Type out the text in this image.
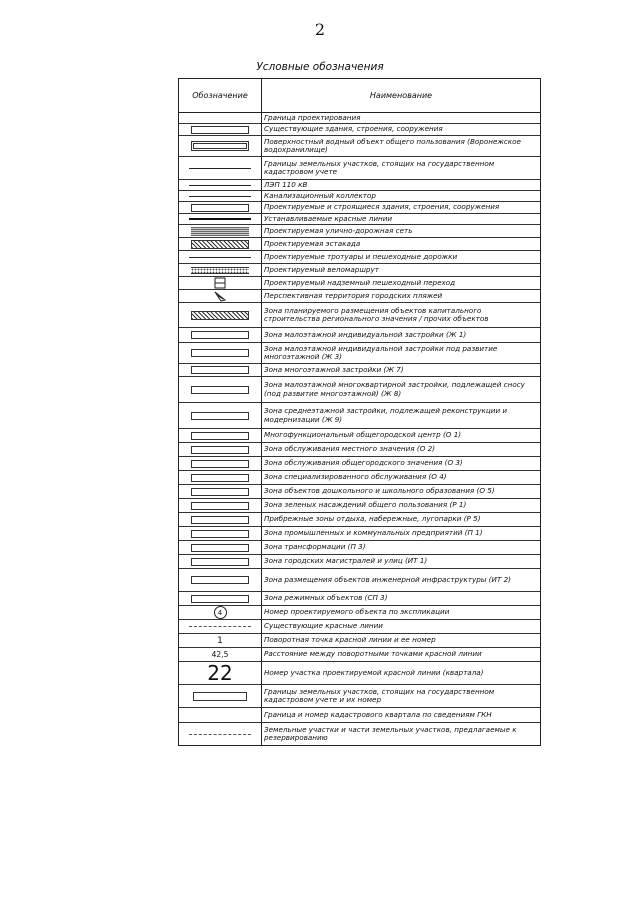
2
Условные обозначения
Обозначение	Наименование
Граница проектирования
Существующие здания, строения, сооружения
Поверхностный водный объект общего пользования (Воронежское водохранилище)
Границы земельных участков, стоящих на государственном кадастровом учете
ЛЭП 110 кВ
Канализационный коллектор
Проектируемые и строящиеся здания, строения, сооружения
Устанавливаемые красные линии
Проектируемая улично-дорожная сеть
Проектируемая эстакада
Проектируемые тротуары и пешеходные дорожки
Проектируемый веломаршрут
Проектируемый надземный пешеходный переход
Перспективная территория городских пляжей
Зона планируемого размещения объектов капитального строительства регионального значения / прочих объектов
Зона малоэтажной индивидуальной застройки (Ж 1)
Зона малоэтажной индивидуальной застройки под развитие многоэтажной (Ж 3)
Зона многоэтажной застройки (Ж 7)
Зона малоэтажной многоквартирной застройки, подлежащей сносу (под развитие многоэтажной) (Ж 8)
Зона среднеэтажной застройки, подлежащей реконструкции и модернизации (Ж 9)
Многофункциональный общегородской центр (О 1)
Зона обслуживания местного значения (О 2)
Зона обслуживания общегородского значения (О 3)
Зона специализированного обслуживания (О 4)
Зона объектов дошкольного и школьного образования (О 5)
Зона зеленых насаждений общего пользования (Р 1)
Прибрежные зоны отдыха, набережные, лугопарки (Р 5)
Зона промышленных и коммунальных предприятий (П 1)
Зона трансформации (П 3)
Зона городских магистралей и улиц (ИТ 1)
Зона размещения объектов инженерной инфраструктуры (ИТ 2)
Зона режимных объектов (СП 3)
4	Номер проектируемого объекта по экспликации
Существующие красные линии
1	Поворотная точка красной линии и ее номер
42,5	Расстояние между поворотными точками красной линии
22	Номер участка проектируемой красной линии (квартала)
Границы земельных участков, стоящих на государственном кадастровом учете и их номер
Граница и номер кадастрового квартала по сведениям ГКН
Земельные участки и части земельных участков, предлагаемые к резервированию
